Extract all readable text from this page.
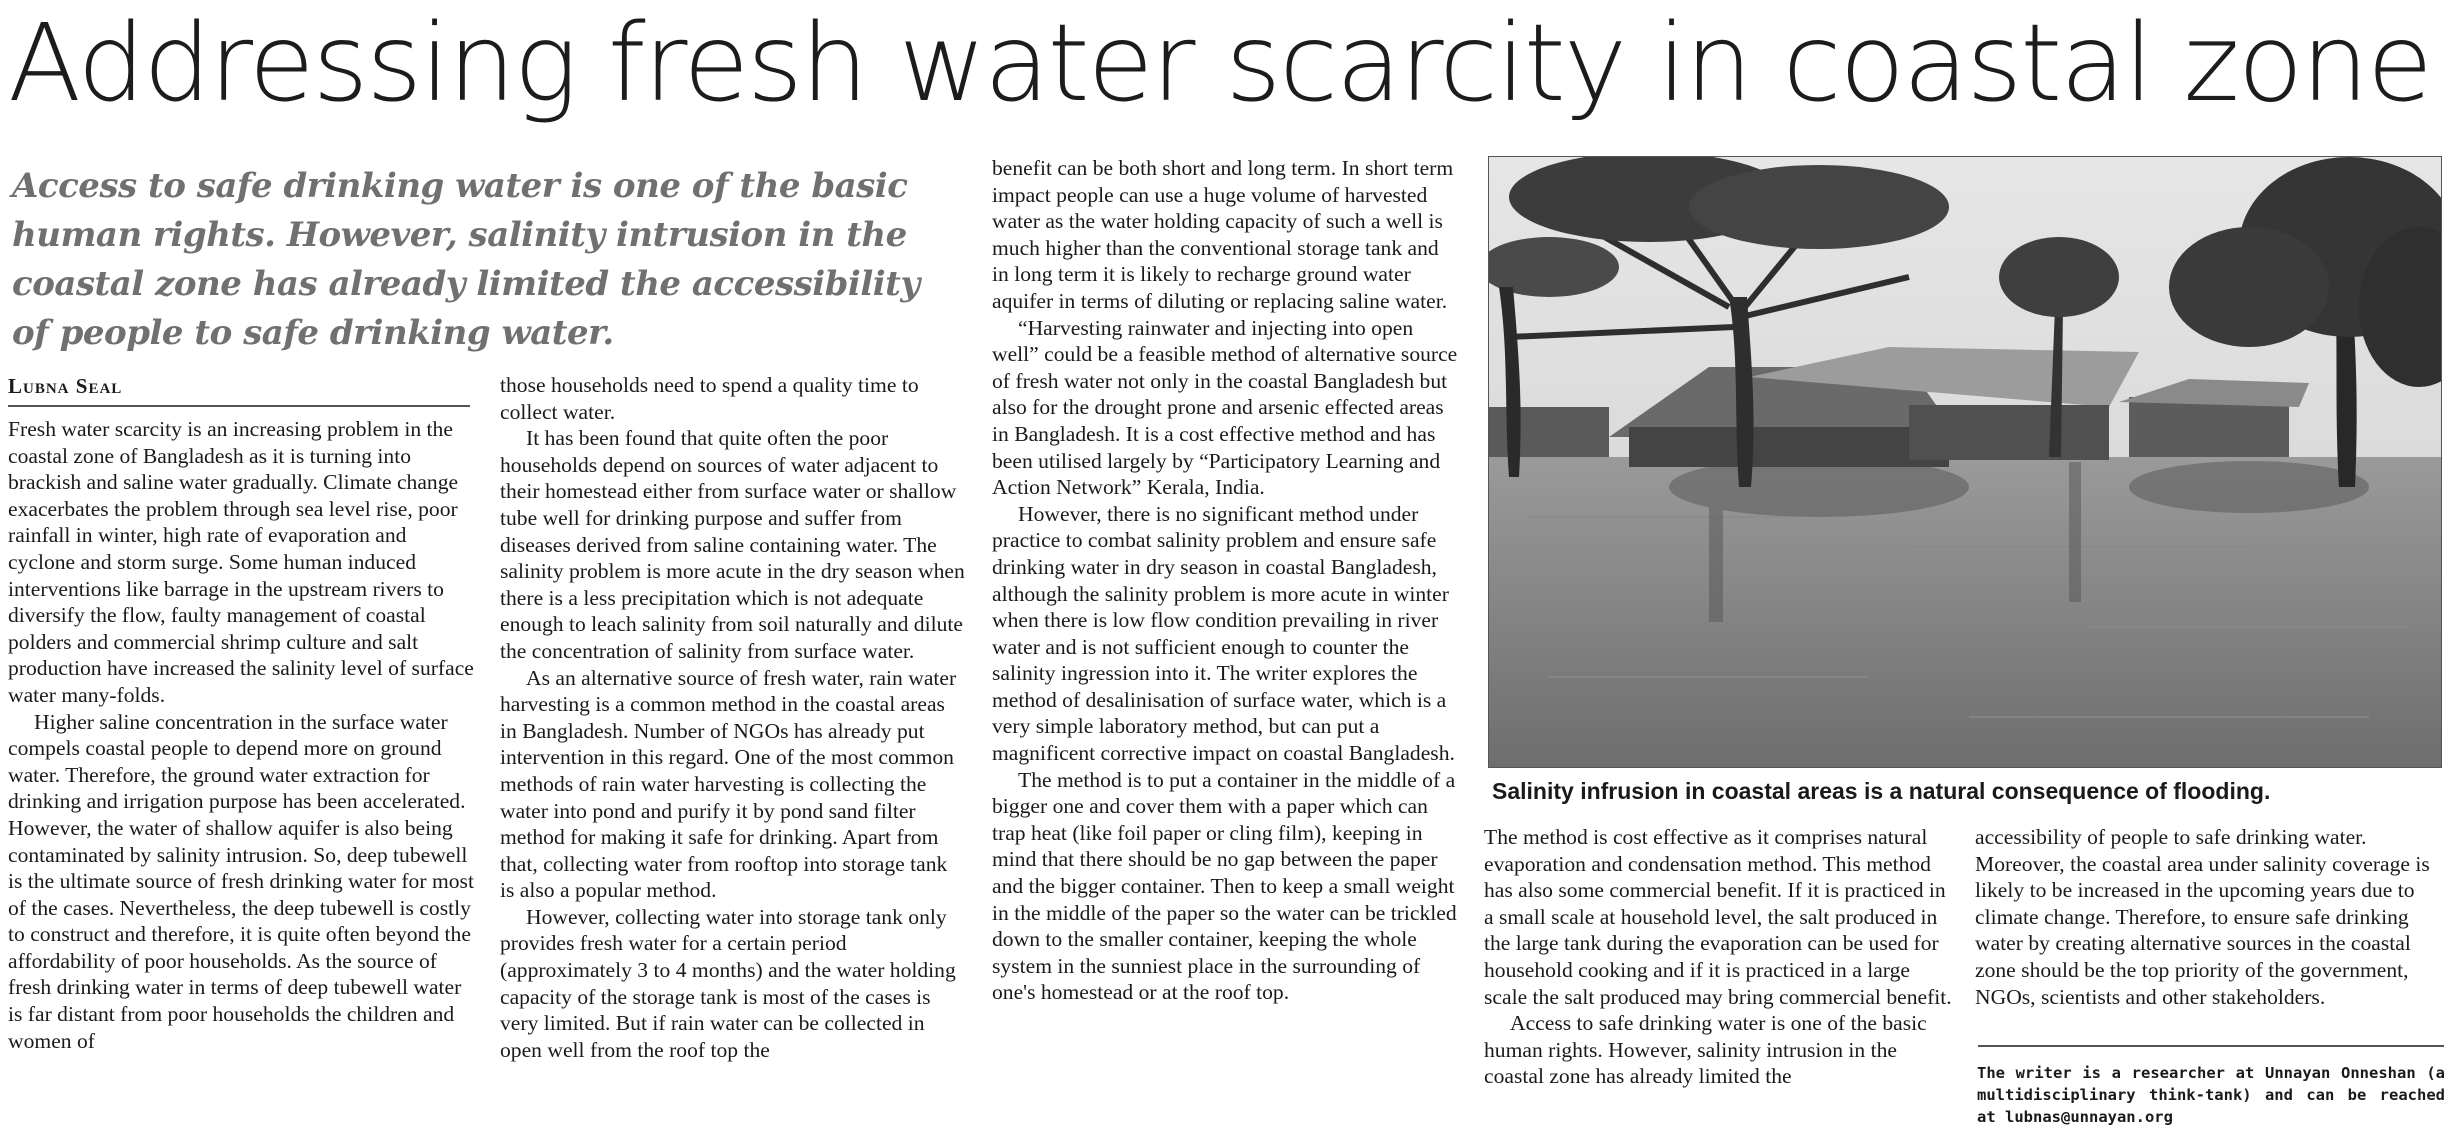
Addressing fresh water scarcity in coastal zone
Access to safe drinking water is one of the basic human rights. However, salinity intrusion in the coastal zone has already limited the accessibility of people to safe drinking water.
Lubna Seal

Fresh water scarcity is an increasing problem in the coastal zone of Bangladesh as it is turning into brackish and saline water gradually. Climate change exacerbates the problem through sea level rise, poor rainfall in winter, high rate of evaporation and cyclone and storm surge. Some human induced interventions like barrage in the upstream rivers to diversify the flow, faulty management of coastal polders and commercial shrimp culture and salt production have increased the salinity level of surface water many-folds.

Higher saline concentration in the surface water compels coastal people to depend more on ground water. Therefore, the ground water extraction for drinking and irrigation purpose has been accelerated. However, the water of shallow aquifer is also being contaminated by salinity intrusion. So, deep tubewell is the ultimate source of fresh drinking water for most of the cases. Nevertheless, the deep tubewell is costly to construct and therefore, it is quite often beyond the affordability of poor households. As the source of fresh drinking water in terms of deep tubewell water is far distant from poor households the children and women of

those households need to spend a quality time to collect water.

It has been found that quite often the poor households depend on sources of water adjacent to their homestead either from surface water or shallow tube well for drinking purpose and suffer from diseases derived from saline containing water. The salinity problem is more acute in the dry season when there is a less precipitation which is not adequate enough to leach salinity from soil naturally and dilute the concentration of salinity from surface water.

As an alternative source of fresh water, rain water harvesting is a common method in the coastal areas in Bangladesh. Number of NGOs has already put intervention in this regard. One of the most common methods of rain water harvesting is collecting the water into pond and purify it by pond sand filter method for making it safe for drinking. Apart from that, collecting water from rooftop into storage tank is also a popular method.

However, collecting water into storage tank only provides fresh water for a certain period (approximately 3 to 4 months) and the water holding capacity of the storage tank is most of the cases is very limited. But if rain water can be collected in open well from the roof top the

benefit can be both short and long term. In short term impact people can use a huge volume of harvested water as the water holding capacity of such a well is much higher than the conventional storage tank and in long term it is likely to recharge ground water aquifer in terms of diluting or replacing saline water.

“Harvesting rainwater and injecting into open well” could be a feasible method of alternative source of fresh water not only in the coastal Bangladesh but also for the drought prone and arsenic effected areas in Bangladesh. It is a cost effective method and has been utilised largely by “Participatory Learning and Action Network” Kerala, India.

However, there is no significant method under practice to combat salinity problem and ensure safe drinking water in dry season in coastal Bangladesh, although the salinity problem is more acute in winter when there is low flow condition prevailing in river water and is not sufficient enough to counter the salinity ingression into it. The writer explores the method of desalinisation of surface water, which is a very simple laboratory method, but can put a magnificent corrective impact on coastal Bangladesh.

The method is to put a container in the middle of a bigger one and cover them with a paper which can trap heat (like foil paper or cling film), keeping in mind that there should be no gap between the paper and the bigger container. Then to keep a small weight in the middle of the paper so the water can be trickled down to the smaller container, keeping the whole system in the sunniest place in the surrounding of one's homestead or at the roof top.

Salinity infrusion in coastal areas is a natural consequence of flooding.

The method is cost effective as it comprises natural evaporation and condensation method. This method has also some commercial benefit. If it is practiced in a small scale at household level, the salt produced in the large tank during the evaporation can be used for household cooking and if it is practiced in a large scale the salt produced may bring commercial benefit.

Access to safe drinking water is one of the basic human rights. However, salinity intrusion in the coastal zone has already limited the

accessibility of people to safe drinking water. Moreover, the coastal area under salinity coverage is likely to be increased in the upcoming years due to climate change. Therefore, to ensure safe drinking water by creating alternative sources in the coastal zone should be the top priority of the government, NGOs, scientists and other stakeholders.

The writer is a researcher at Unnayan Onneshan (a multidisciplinary think-tank) and can be reached at lubnas@unnayan.org
